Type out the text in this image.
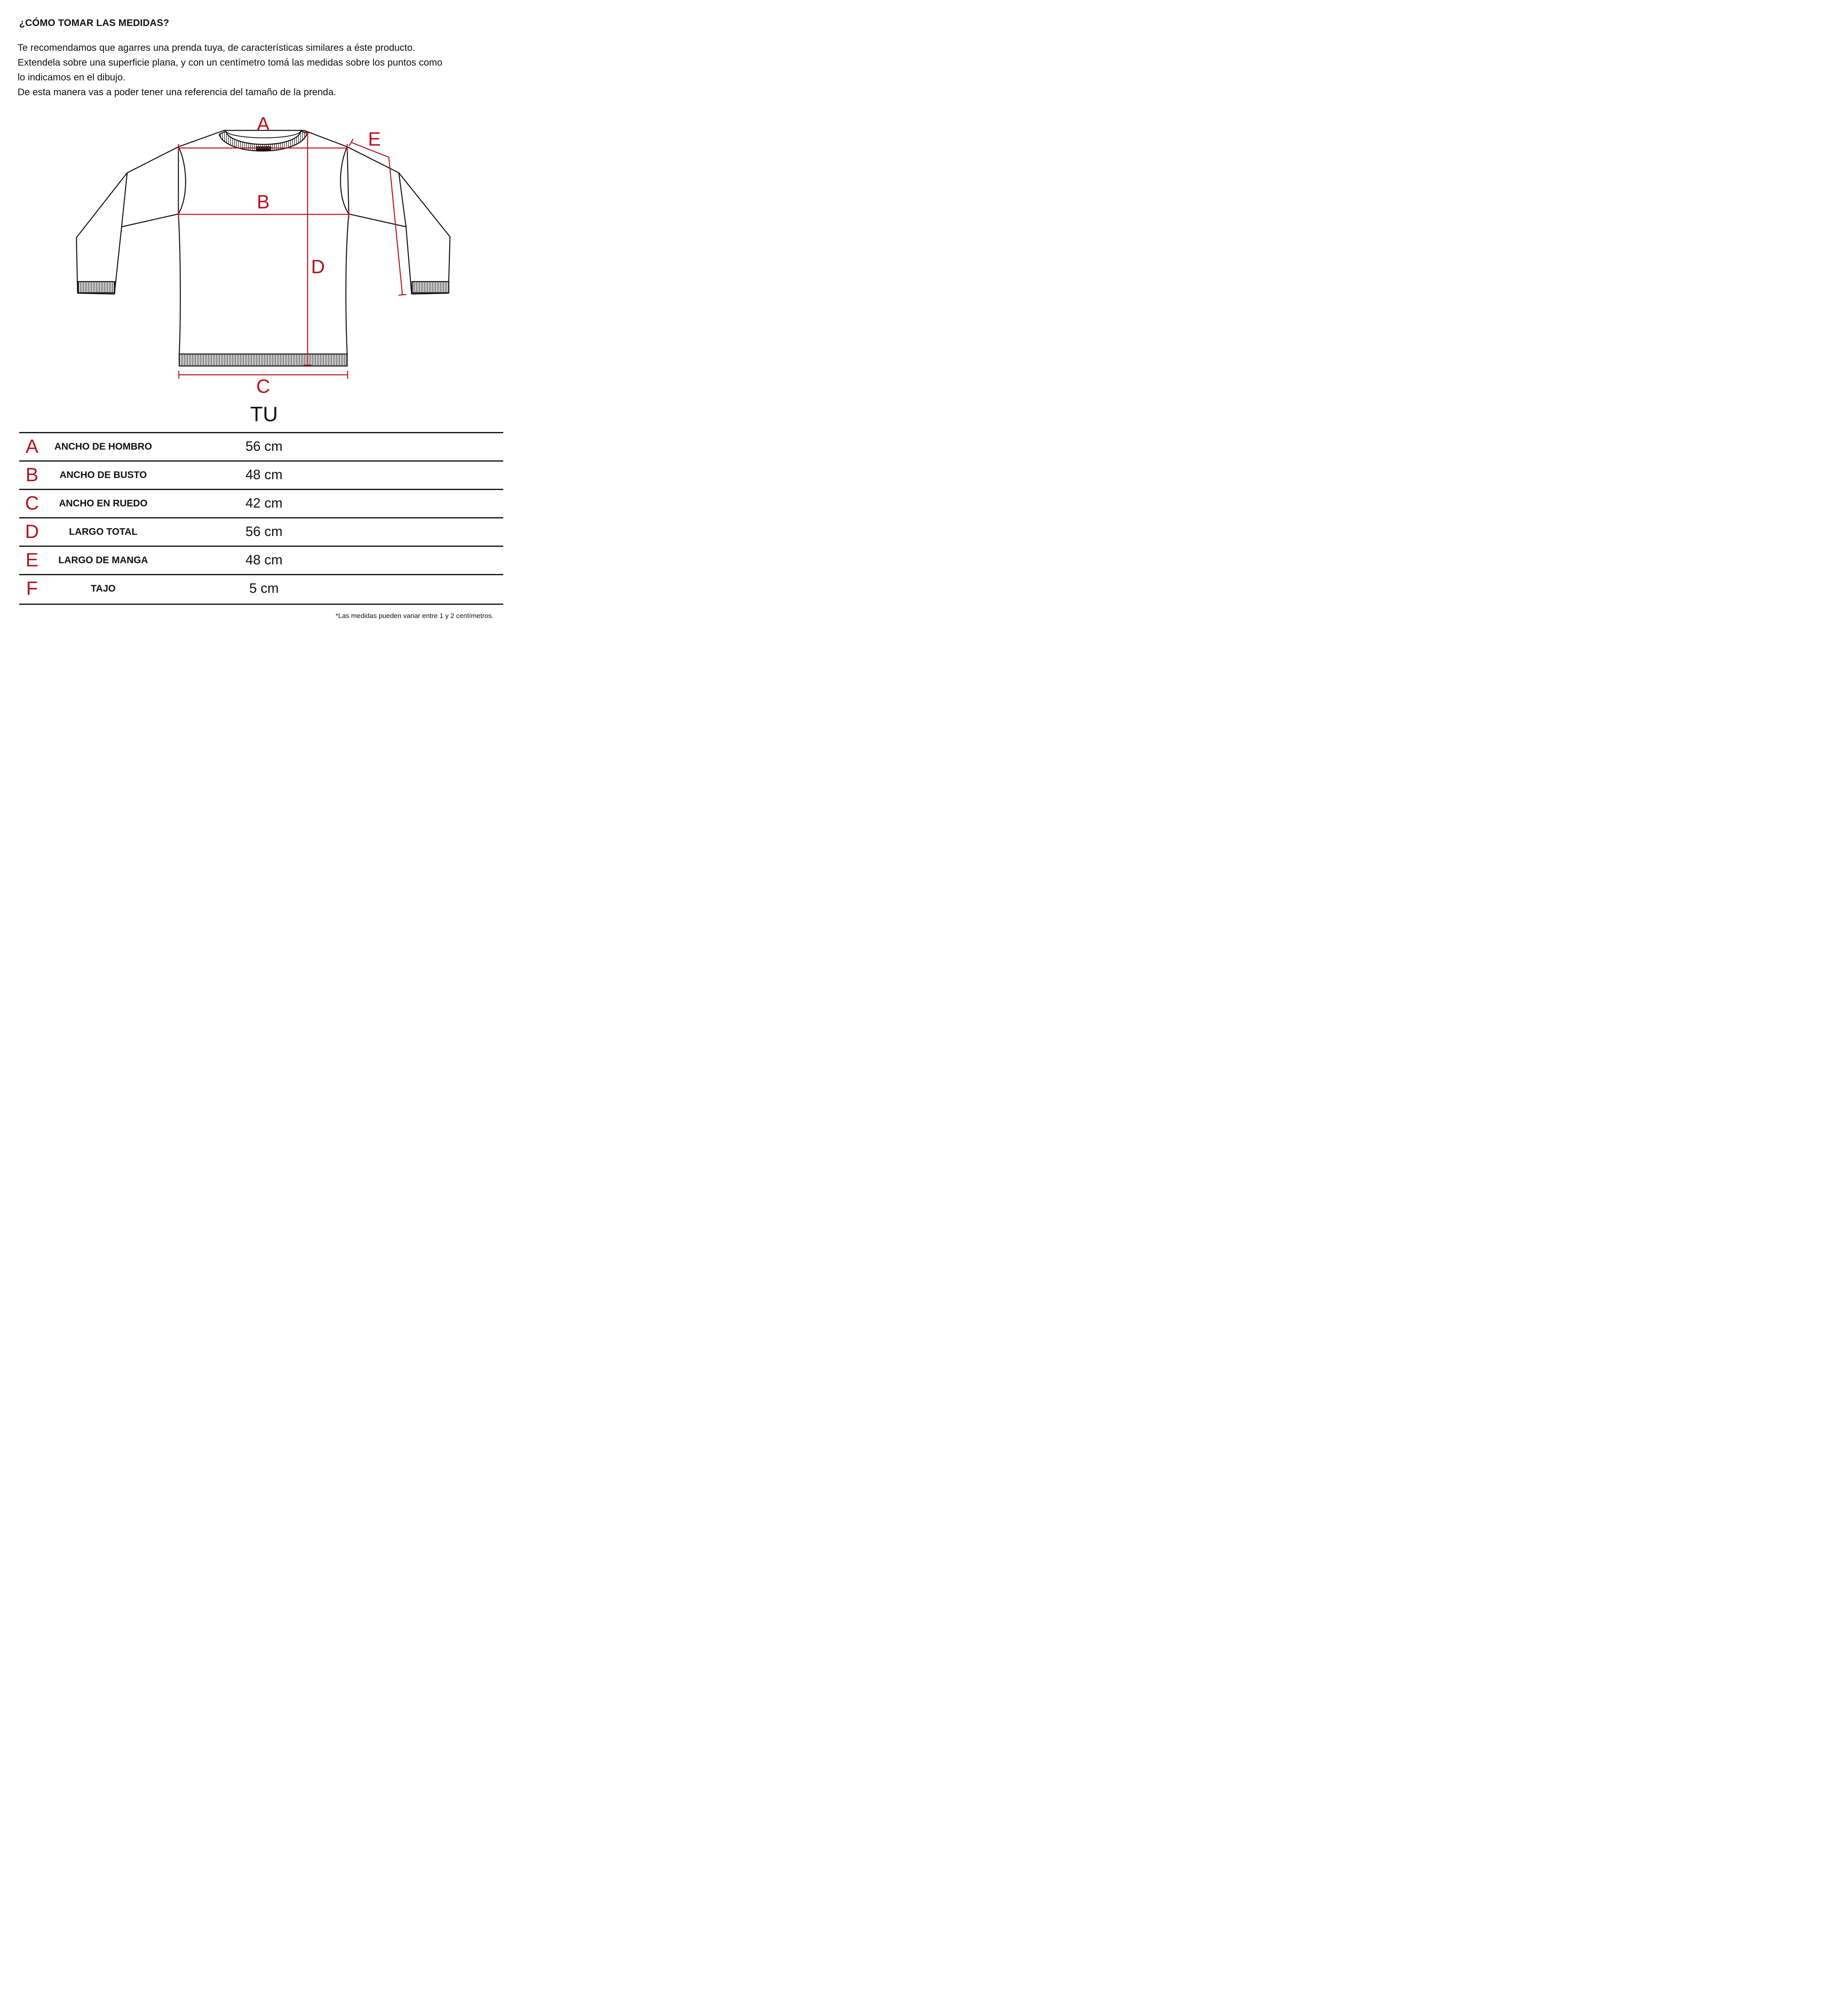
¿CÓMO TOMAR LAS MEDIDAS?
Te recomendamos que agarres una prenda tuya, de características similares a éste producto.
Extendela sobre una superficie plana, y con un centímetro tomá las medidas sobre los puntos como
lo indicamos en el dibujo.
De esta manera vas a poder tener una referencia del tamaño de la prenda.
A
B
C
D
E
TU
A	ANCHO DE HOMBRO	56 cm
B	ANCHO DE BUSTO	48 cm
C	ANCHO EN RUEDO	42 cm
D	LARGO TOTAL	56 cm
E	LARGO DE MANGA	48 cm
F	TAJO	5 cm

*Las medidas pueden variar entre 1 y 2 centímetros.
